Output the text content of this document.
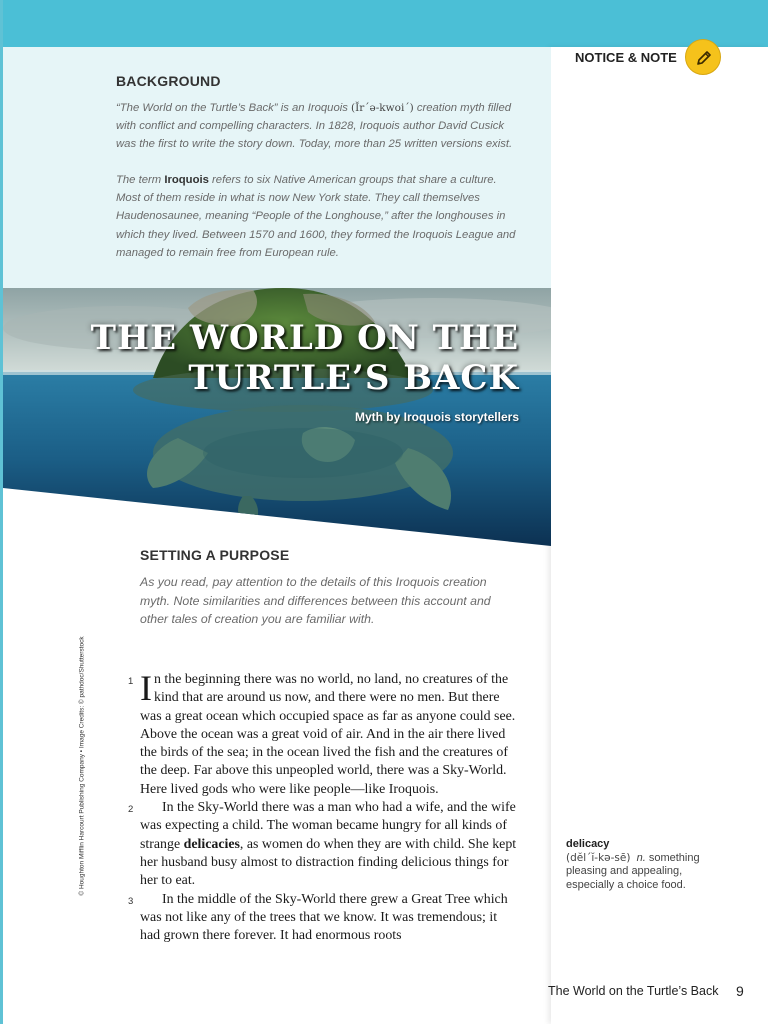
BACKGROUND
“The World on the Turtle’s Back” is an Iroquois (Ĭr΄ə-kwoi΄) creation myth filled with conflict and compelling characters. In 1828, Iroquois author David Cusick was the first to write the story down. Today, more than 25 written versions exist.
The term Iroquois refers to six Native American groups that share a culture. Most of them reside in what is now New York state. They call themselves Haudenosaunee, meaning “People of the Longhouse,” after the longhouses in which they lived. Between 1570 and 1600, they formed the Iroquois League and managed to remain free from European rule.
THE WORLD ON THE
TURTLE’S BACK
Myth by Iroquois storytellers
SETTING A PURPOSE
As you read, pay attention to the details of this Iroquois creation myth. Note similarities and differences between this account and other tales of creation you are familiar with.

1 I n the beginning there was no world, no land, no creatures of the kind that are around us now, and there were no men. But there was a great ocean which occupied space as far as anyone could see. Above the ocean was a great void of air. And in the air there lived the birds of the sea; in the ocean lived the fish and the creatures of the deep. Far above this unpeopled world, there was a Sky-World. Here lived gods who were like people—like Iroquois.

2 In the Sky-World there was a man who had a wife, and the wife was expecting a child. The woman became hungry for all kinds of strange delicacies, as women do when they are with child. She kept her husband busy almost to distraction finding delicious things for her to eat.

3 In the middle of the Sky-World there grew a Great Tree which was not like any of the trees that we know. It was tremendous; it had grown there forever. It had enormous roots

© Houghton Mifflin Harcourt Publishing Company • Image Credits: © pathdoc/Shutterstock
NOTICE & NOTE
delicacy
(dĕl΄ĭ-kə-sē) n. something pleasing and appealing, especially a choice food.
The World on the Turtle’s Back 9
